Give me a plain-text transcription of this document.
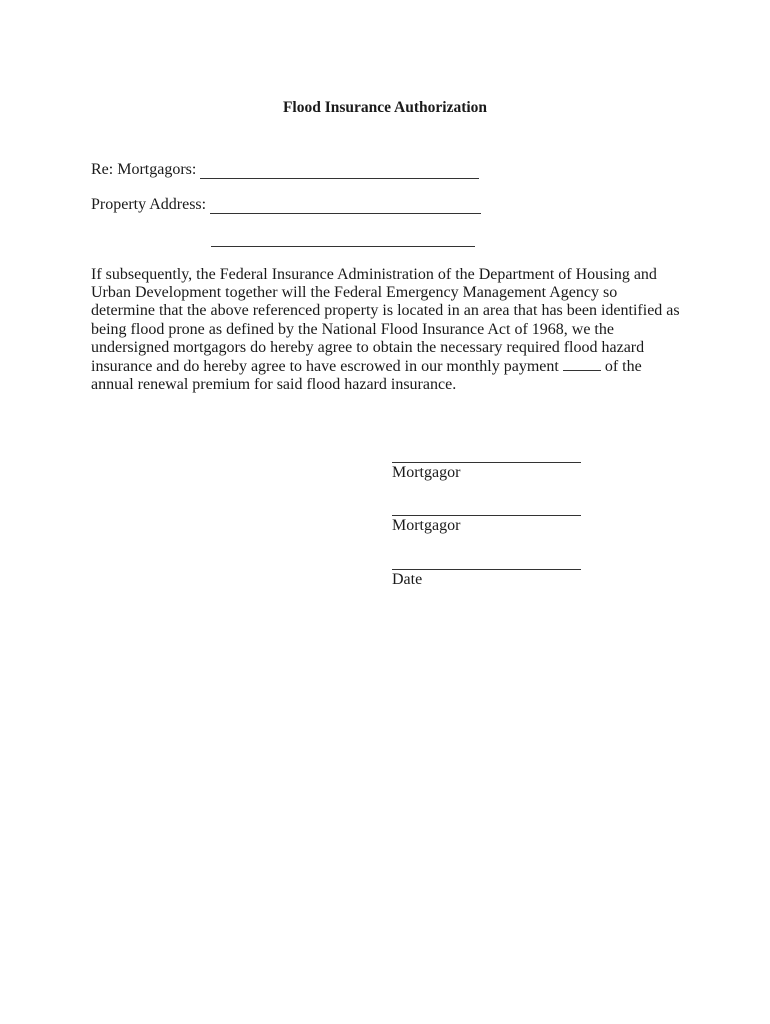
Flood Insurance Authorization
Re: Mortgagors:
Property Address:
If subsequently, the Federal Insurance Administration of the Department of Housing and Urban Development together will the Federal Emergency Management Agency so determine that the above referenced property is located in an area that has been identified as being flood prone as defined by the National Flood Insurance Act of 1968, we the undersigned mortgagors do hereby agree to obtain the necessary required flood hazard insurance and do hereby agree to have escrowed in our monthly payment	of the annual renewal premium for said flood hazard insurance.
Mortgagor
Mortgagor
Date
